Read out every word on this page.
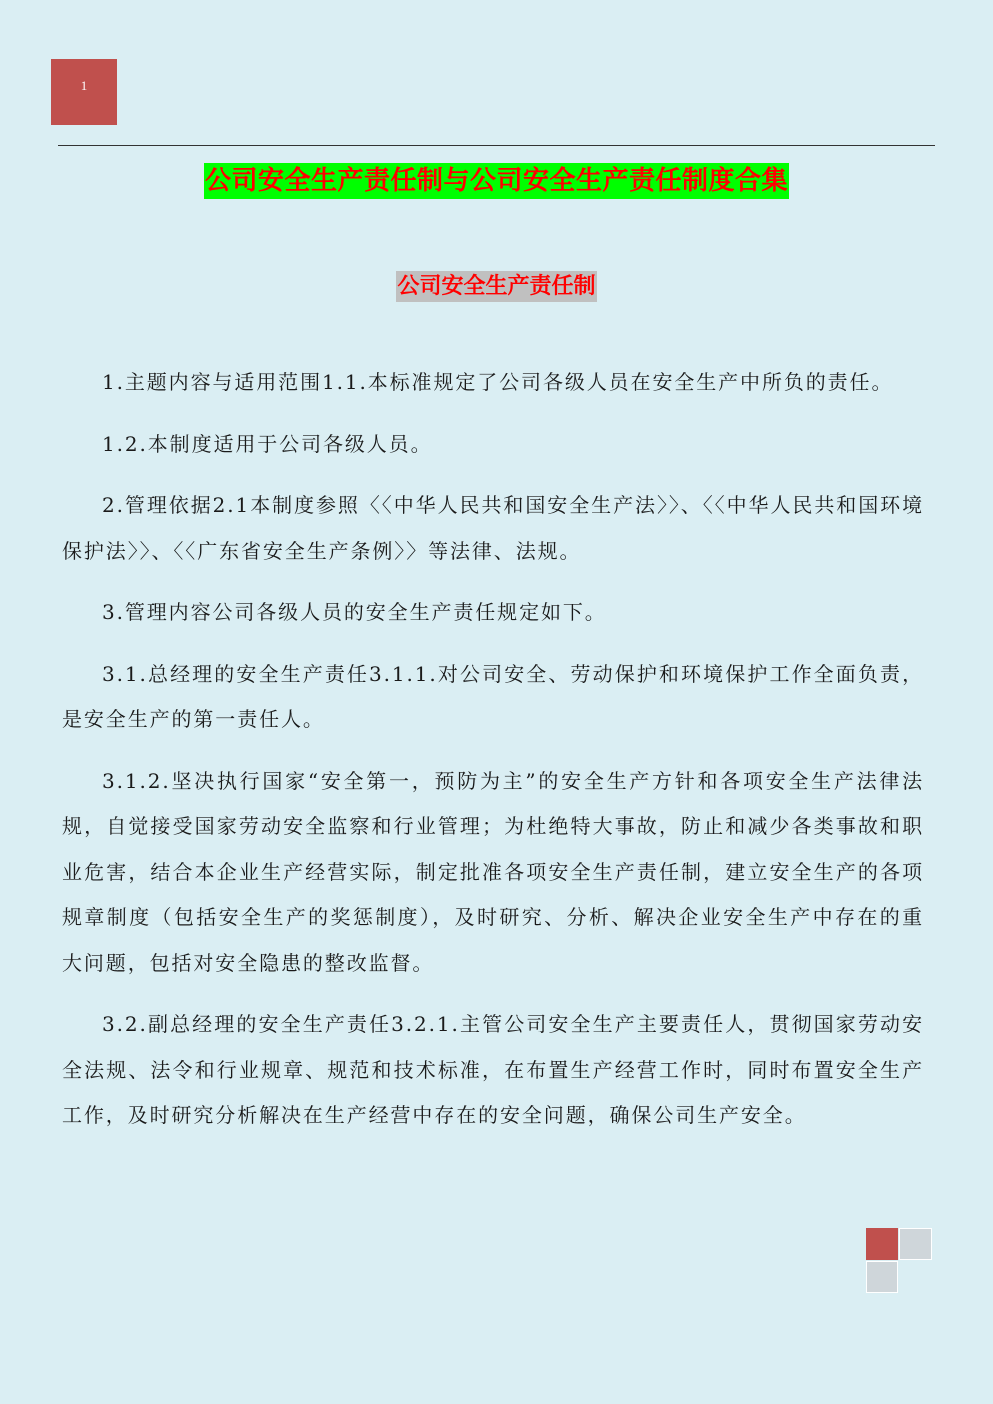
1
公司安全生产责任制与公司安全生产责任制度合集
公司安全生产责任制

1.主题内容与适用范围1.1.本标准规定了公司各级人员在安全生产中所负的责任。

1.2.本制度适用于公司各级人员。

2.管理依据2.1本制度参照〈〈中华人民共和国安全生产法〉〉、〈〈中华人民共和国环境保护法〉〉、〈〈广东省安全生产条例〉〉等法律、法规。

3.管理内容公司各级人员的安全生产责任规定如下。

3.1.总经理的安全生产责任3.1.1.对公司安全、劳动保护和环境保护工作全面负责，是安全生产的第一责任人。

3.1.2.坚决执行国家“安全第一，预防为主”的安全生产方针和各项安全生产法律法规，自觉接受国家劳动安全监察和行业管理；为杜绝特大事故，防止和减少各类事故和职业危害，结合本企业生产经营实际，制定批准各项安全生产责任制，建立安全生产的各项规章制度（包括安全生产的奖惩制度），及时研究、分析、解决企业安全生产中存在的重大问题，包括对安全隐患的整改监督。

3.2.副总经理的安全生产责任3.2.1.主管公司安全生产主要责任人，贯彻国家劳动安全法规、法令和行业规章、规范和技术标准，在布置生产经营工作时，同时布置安全生产工作，及时研究分析解决在生产经营中存在的安全问题，确保公司生产安全。
